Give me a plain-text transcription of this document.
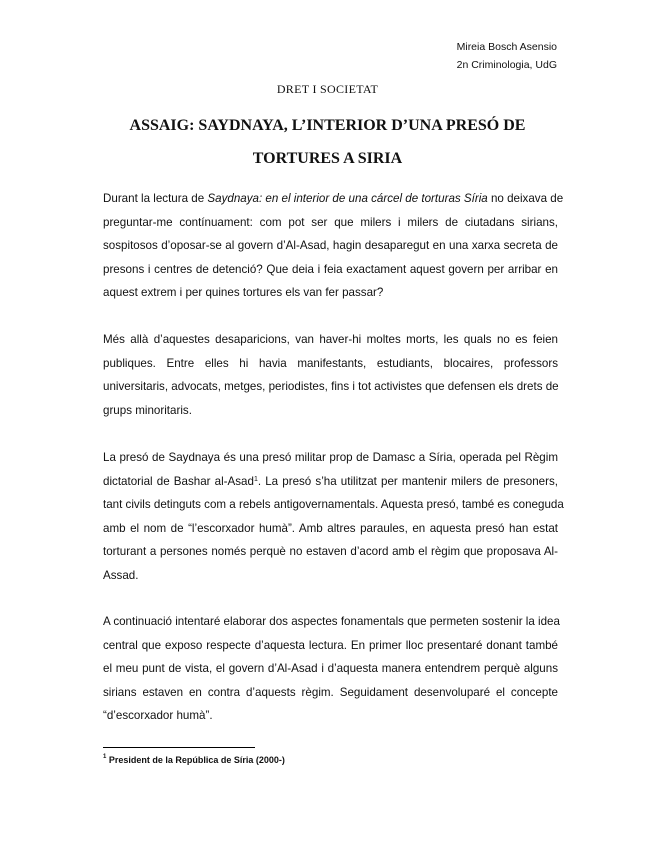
Mireia Bosch Asensio
2n Criminologia, UdG
DRET I SOCIETAT
ASSAIG: SAYDNAYA, L’INTERIOR D’UNA PRESÓ DE
TORTURES A SIRIA
Durant la lectura de Saydnaya: en el interior de una cárcel de torturas Síria no deixava de
preguntar-me contínuament: com pot ser que milers i milers de ciutadans sirians,
sospitosos d’oposar-se al govern d’Al-Asad, hagin desaparegut en una xarxa secreta de
presons i centres de detenció? Que deia i feia exactament aquest govern per arribar en
aquest extrem i per quines tortures els van fer passar?
Més allà d’aquestes desaparicions, van haver-hi moltes morts, les quals no es feien
publiques. Entre elles hi havia manifestants, estudiants, blocaires, professors
universitaris, advocats, metges, periodistes, fins i tot activistes que defensen els drets de
grups minoritaris.
La presó de Saydnaya és una presó militar prop de Damasc a Síria, operada pel Règim
dictatorial de Bashar al-Asad$^1$. La presó s’ha utilitzat per mantenir milers de presoners,
tant civils detinguts com a rebels antigovernamentals. Aquesta presó, també es coneguda
amb el nom de “l’escorxador humà”. Amb altres paraules, en aquesta presó han estat
torturant a persones només perquè no estaven d’acord amb el règim que proposava Al-
Assad.
A continuació intentaré elaborar dos aspectes fonamentals que permeten sostenir la idea
central que exposo respecte d’aquesta lectura. En primer lloc presentaré donant també
el meu punt de vista, el govern d’Al-Asad i d’aquesta manera entendrem perquè alguns
sirians estaven en contra d’aquests règim. Seguidament desenvoluparé el concepte
“d’escorxador humà”.
$^1$ President de la República de Síria (2000-)
